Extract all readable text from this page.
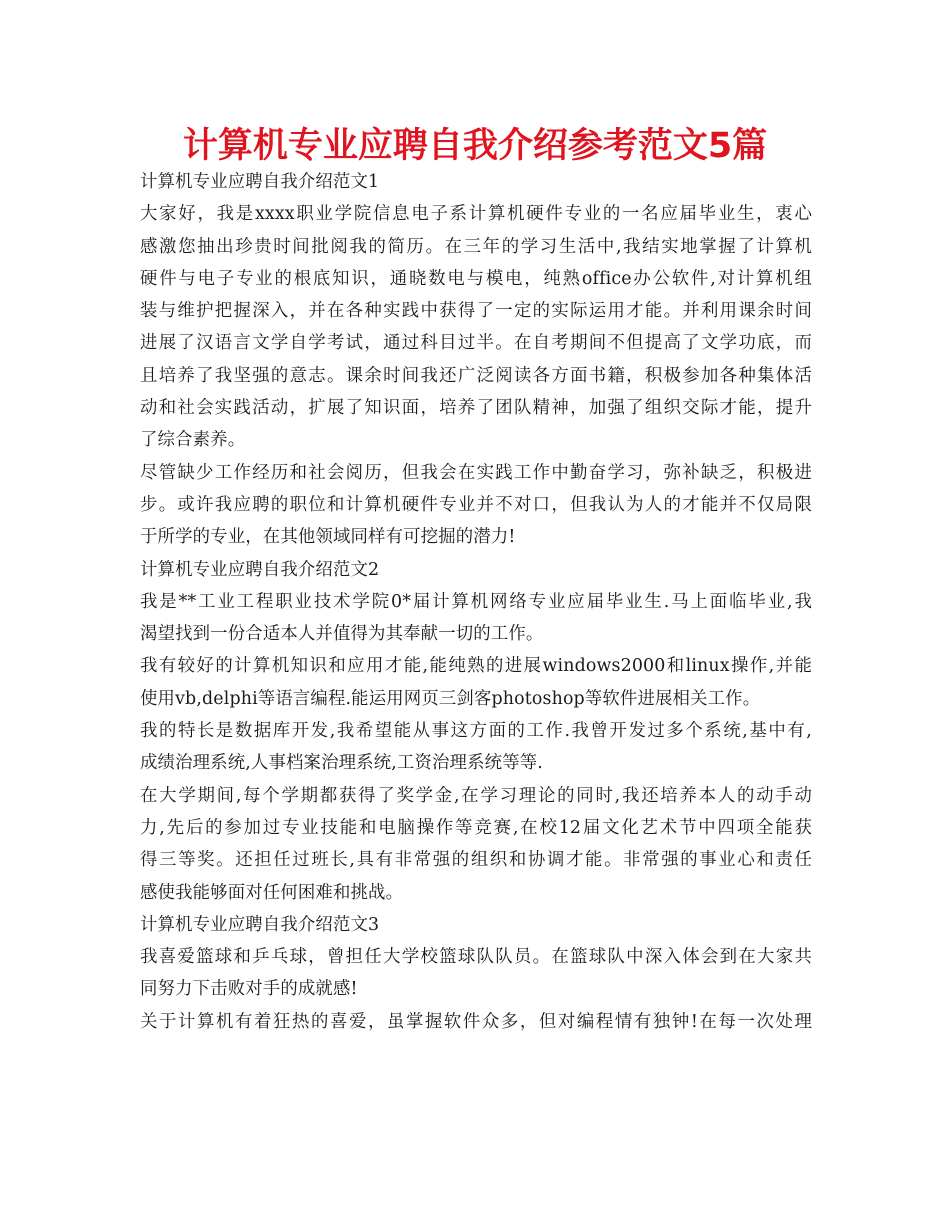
计算机专业应聘自我介绍参考范文5篇
计算机专业应聘自我介绍范文1
大家好，我是xxxx职业学院信息电子系计算机硬件专业的一名应届毕业生，衷心
感激您抽出珍贵时间批阅我的简历。在三年的学习生活中,我结实地掌握了计算机
硬件与电子专业的根底知识，通晓数电与模电，纯熟office办公软件,对计算机组
装与维护把握深入，并在各种实践中获得了一定的实际运用才能。并利用课余时间
进展了汉语言文学自学考试，通过科目过半。在自考期间不但提高了文学功底，而
且培养了我坚强的意志。课余时间我还广泛阅读各方面书籍，积极参加各种集体活
动和社会实践活动，扩展了知识面，培养了团队精神，加强了组织交际才能，提升
了综合素养。
尽管缺少工作经历和社会阅历，但我会在实践工作中勤奋学习，弥补缺乏，积极进
步。或许我应聘的职位和计算机硬件专业并不对口，但我认为人的才能并不仅局限
于所学的专业，在其他领域同样有可挖掘的潜力!
计算机专业应聘自我介绍范文2
我是**工业工程职业技术学院0*届计算机网络专业应届毕业生.马上面临毕业,我
渴望找到一份合适本人并值得为其奉献一切的工作。
我有较好的计算机知识和应用才能,能纯熟的进展windows2000和linux操作,并能
使用vb,delphi等语言编程.能运用网页三剑客photoshop等软件进展相关工作。
我的特长是数据库开发,我希望能从事这方面的工作.我曾开发过多个系统,基中有,
成绩治理系统,人事档案治理系统,工资治理系统等等.
在大学期间,每个学期都获得了奖学金,在学习理论的同时,我还培养本人的动手动
力,先后的参加过专业技能和电脑操作等竞赛,在校12届文化艺术节中四项全能获
得三等奖。还担任过班长,具有非常强的组织和协调才能。非常强的事业心和责任
感使我能够面对任何困难和挑战。
计算机专业应聘自我介绍范文3
我喜爱篮球和乒乓球，曾担任大学校篮球队队员。在篮球队中深入体会到在大家共
同努力下击败对手的成就感!
关于计算机有着狂热的喜爱，虽掌握软件众多，但对编程情有独钟!在每一次处理
